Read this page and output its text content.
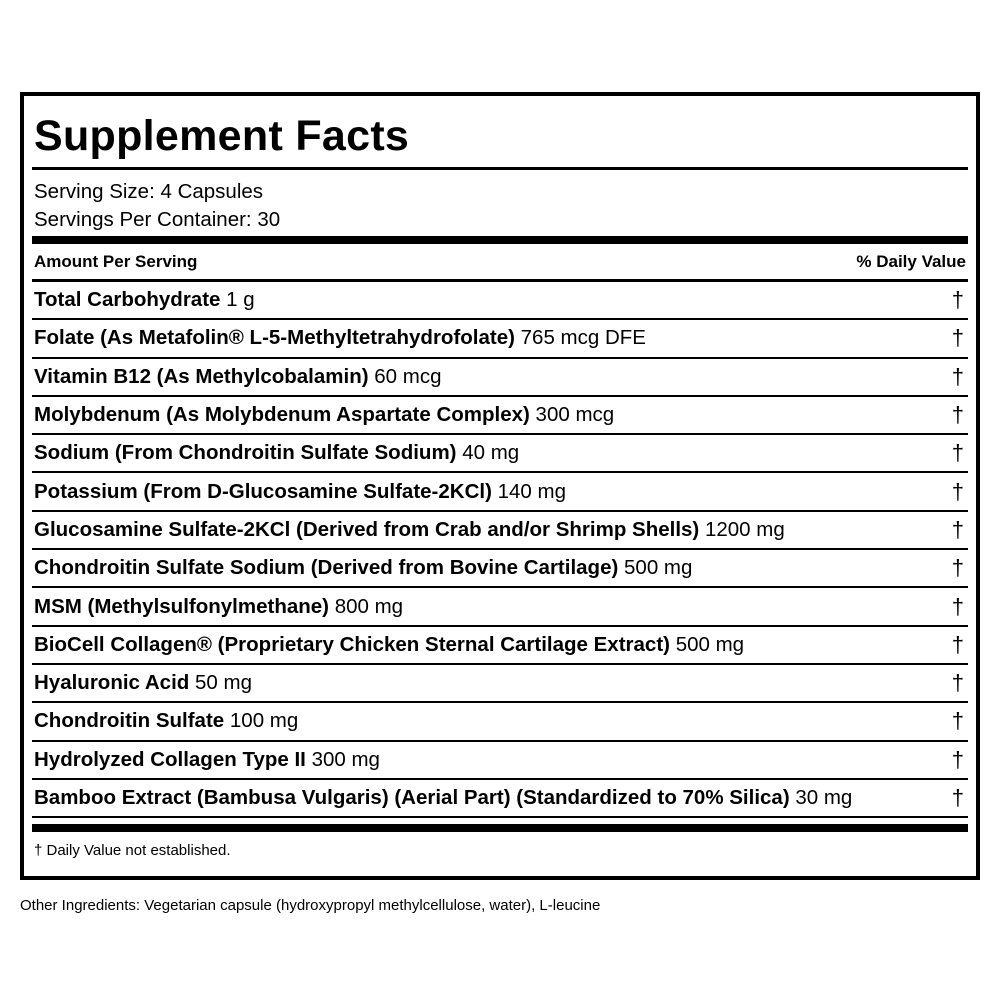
Supplement Facts
Serving Size: 4 Capsules
Servings Per Container: 30
Amount Per Serving	% Daily Value
Total Carbohydrate 1 g	†
Folate (As Metafolin® L-5-Methyltetrahydrofolate) 765 mcg DFE	†
Vitamin B12 (As Methylcobalamin) 60 mcg	†
Molybdenum (As Molybdenum Aspartate Complex) 300 mcg	†
Sodium (From Chondroitin Sulfate Sodium) 40 mg	†
Potassium (From D-Glucosamine Sulfate-2KCl) 140 mg	†
Glucosamine Sulfate-2KCl (Derived from Crab and/or Shrimp Shells) 1200 mg	†
Chondroitin Sulfate Sodium (Derived from Bovine Cartilage) 500 mg	†
MSM (Methylsulfonylmethane) 800 mg	†
BioCell Collagen® (Proprietary Chicken Sternal Cartilage Extract) 500 mg	†
Hyaluronic Acid 50 mg	†
Chondroitin Sulfate 100 mg	†
Hydrolyzed Collagen Type II 300 mg	†
Bamboo Extract (Bambusa Vulgaris) (Aerial Part) (Standardized to 70% Silica) 30 mg	†
† Daily Value not established.
Other Ingredients: Vegetarian capsule (hydroxypropyl methylcellulose, water), L-leucine
